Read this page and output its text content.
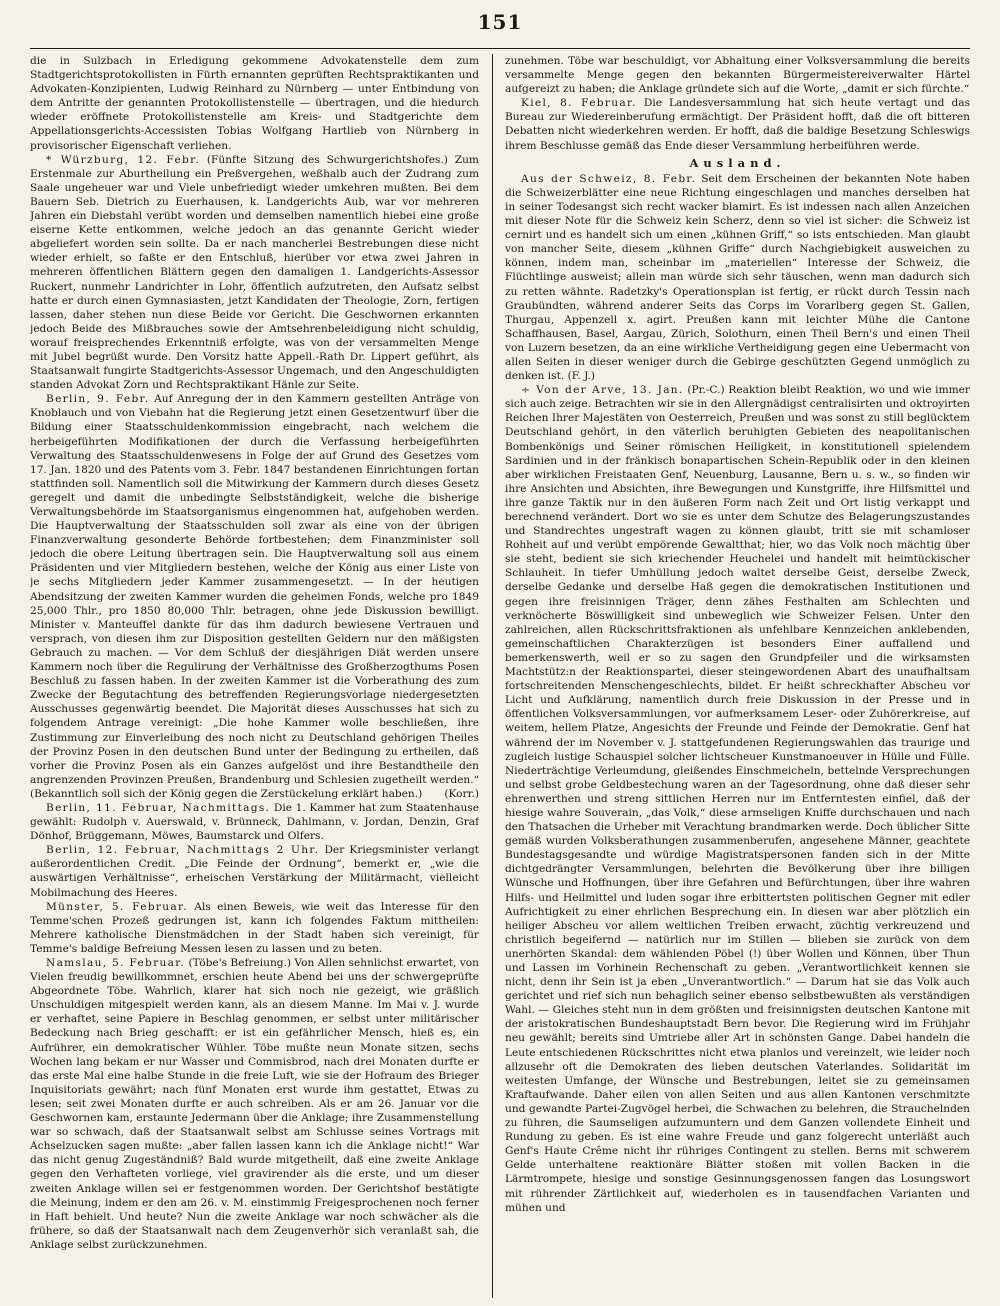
151

die in Sulzbach in Erledigung gekommene Advokatenstelle dem zum Stadtgerichtsprotokollisten in Fürth ernannten geprüften Rechtspraktikanten und Advokaten-Konzipienten, Ludwig Reinhard zu Nürnberg — unter Entbindung von dem Antritte der genannten Protokollistenstelle — übertragen, und die hiedurch wieder eröffnete Protokollistenstelle am Kreis- und Stadtgerichte dem Appellationsgerichts-Accessisten Tobias Wolfgang Hartlieb von Nürnberg in provisorischer Eigenschaft verliehen.

* Würzburg, 12. Febr. (Fünfte Sitzung des Schwurgerichtshofes.) Zum Erstenmale zur Aburtheilung ein Preßvergehen, weßhalb auch der Zudrang zum Saale ungeheuer war und Viele unbefriedigt wieder umkehren mußten. Bei dem Bauern Seb. Dietrich zu Euerhausen, k. Landgerichts Aub, war vor mehreren Jahren ein Diebstahl verübt worden und demselben namentlich hiebei eine große eiserne Kette entkommen, welche jedoch an das genannte Gericht wieder abgeliefert worden sein sollte. Da er nach mancherlei Bestrebungen diese nicht wieder erhielt, so faßte er den Entschluß, hierüber vor etwa zwei Jahren in mehreren öffentlichen Blättern gegen den damaligen 1. Landgerichts-Assessor Ruckert, nunmehr Landrichter in Lohr, öffentlich aufzutreten, den Aufsatz selbst hatte er durch einen Gymnasiasten, jetzt Kandidaten der Theologie, Zorn, fertigen lassen, daher stehen nun diese Beide vor Gericht. Die Geschwornen erkannten jedoch Beide des Mißbrauches sowie der Amtsehrenbeleidigung nicht schuldig, worauf freisprechendes Erkenntniß erfolgte, was von der versammelten Menge mit Jubel begrüßt wurde. Den Vorsitz hatte Appell.-Rath Dr. Lippert geführt, als Staatsanwalt fungirte Stadtgerichts-Assessor Ungemach, und den Angeschuldigten standen Advokat Zorn und Rechtspraktikant Hänle zur Seite.

Berlin, 9. Febr. Auf Anregung der in den Kammern gestellten Anträge von Knoblauch und von Viebahn hat die Regierung jetzt einen Gesetzentwurf über die Bildung einer Staatsschuldenkommission eingebracht, nach welchem die herbeigeführten Modifikationen der durch die Verfassung herbeigeführten Verwaltung des Staatsschuldenwesens in Folge der auf Grund des Gesetzes vom 17. Jan. 1820 und des Patents vom 3. Febr. 1847 bestandenen Einrichtungen fortan stattfinden soll. Namentlich soll die Mitwirkung der Kammern durch dieses Gesetz geregelt und damit die unbedingte Selbstständigkeit, welche die bisherige Verwaltungsbehörde im Staatsorganismus eingenommen hat, aufgehoben werden. Die Hauptverwaltung der Staatsschulden soll zwar als eine von der übrigen Finanzverwaltung gesonderte Behörde fortbestehen; dem Finanzminister soll jedoch die obere Leitung übertragen sein. Die Hauptverwaltung soll aus einem Präsidenten und vier Mitgliedern bestehen, welche der König aus einer Liste von je sechs Mitgliedern jeder Kammer zusammengesetzt. — In der heutigen Abendsitzung der zweiten Kammer wurden die geheimen Fonds, welche pro 1849 25,000 Thlr., pro 1850 80,000 Thlr. betragen, ohne jede Diskussion bewilligt. Minister v. Manteuffel dankte für das ihm dadurch bewiesene Vertrauen und versprach, von diesen ihm zur Disposition gestellten Geldern nur den mäßigsten Gebrauch zu machen. — Vor dem Schluß der diesjährigen Diät werden unsere Kammern noch über die Regulirung der Verhältnisse des Großherzogthums Posen Beschluß zu fassen haben. In der zweiten Kammer ist die Vorberathung des zum Zwecke der Begutachtung des betreffenden Regierungsvorlage niedergesetzten Ausschusses gegenwärtig beendet. Die Majorität dieses Ausschusses hat sich zu folgendem Antrage vereinigt: „Die hohe Kammer wolle beschließen, ihre Zustimmung zur Einverleibung des noch nicht zu Deutschland gehörigen Theiles der Provinz Posen in den deutschen Bund unter der Bedingung zu ertheilen, daß vorher die Provinz Posen als ein Ganzes aufgelöst und ihre Bestandtheile den angrenzenden Provinzen Preußen, Brandenburg und Schlesien zugetheilt werden.“ (Bekanntlich soll sich der König gegen die Zerstückelung erklärt haben.)	(Korr.)

Berlin, 11. Februar, Nachmittags. Die 1. Kammer hat zum Staatenhause gewählt: Rudolph v. Auerswald, v. Brünneck, Dahlmann, v. Jordan, Denzin, Graf Dönhof, Brüggemann, Möwes, Baumstarck und Olfers.

Berlin, 12. Februar, Nachmittags 2 Uhr. Der Kriegsminister verlangt außerordentlichen Credit. „Die Feinde der Ordnung“, bemerkt er, „wie die auswärtigen Verhältnisse“, erheischen Verstärkung der Militärmacht, vielleicht Mobilmachung des Heeres.

Münster, 5. Februar. Als einen Beweis, wie weit das Interesse für den Temme'schen Prozeß gedrungen ist, kann ich folgendes Faktum mittheilen: Mehrere katholische Dienstmädchen in der Stadt haben sich vereinigt, für Temme's baldige Befreiung Messen lesen zu lassen und zu beten.

Namslau, 5. Februar. (Töbe's Befreiung.) Von Allen sehnlichst erwartet, von Vielen freudig bewillkommnet, erschien heute Abend bei uns der schwergeprüfte Abgeordnete Töbe. Wahrlich, klarer hat sich noch nie gezeigt, wie gräßlich Unschuldigen mitgespielt werden kann, als an diesem Manne. Im Mai v. J. wurde er verhaftet, seine Papiere in Beschlag genommen, er selbst unter militärischer Bedeckung nach Brieg geschafft: er ist ein gefährlicher Mensch, hieß es, ein Aufrührer, ein demokratischer Wühler. Töbe mußte neun Monate sitzen, sechs Wochen lang bekam er nur Wasser und Commisbrod, nach drei Monaten durfte er das erste Mal eine halbe Stunde in die freie Luft, wie sie der Hofraum des Brieger Inquisitoriats gewährt; nach fünf Monaten erst wurde ihm gestattet, Etwas zu lesen; seit zwei Monaten durfte er auch schreiben. Als er am 26. Januar vor die Geschwornen kam, erstaunte Jedermann über die Anklage; ihre Zusammenstellung war so schwach, daß der Staatsanwalt selbst am Schlusse seines Vortrags mit Achselzucken sagen mußte: „aber fallen lassen kann ich die Anklage nicht!“ War das nicht genug Zugeständniß? Bald wurde mitgetheilt, daß eine zweite Anklage gegen den Verhafteten vorliege, viel gravirender als die erste, und um dieser zweiten Anklage willen sei er festgenommen worden. Der Gerichtshof bestätigte die Meinung, indem er den am 26. v. M. einstimmig Freigesprochenen noch ferner in Haft behielt. Und heute? Nun die zweite Anklage war noch schwächer als die frühere, so daß der Staatsanwalt nach dem Zeugenverhör sich veranlaßt sah, die Anklage selbst zurückzunehmen.

zunehmen. Töbe war beschuldigt, vor Abhaltung einer Volksversammlung die bereits versammelte Menge gegen den bekannten Bürgermeistereiverwalter Härtel aufgereizt zu haben; die Anklage gründete sich auf die Worte, „damit er sich fürchte.“

Kiel, 8. Februar. Die Landesversammlung hat sich heute vertagt und das Bureau zur Wiedereinberufung ermächtigt. Der Präsident hofft, daß die oft bitteren Debatten nicht wiederkehren werden. Er hofft, daß die baldige Besetzung Schleswigs ihrem Beschlusse gemäß das Ende dieser Versammlung herbeiführen werde.

Ausland.

Aus der Schweiz, 8. Febr. Seit dem Erscheinen der bekannten Note haben die Schweizerblätter eine neue Richtung eingeschlagen und manches derselben hat in seiner Todesangst sich recht wacker blamirt. Es ist indessen nach allen Anzeichen mit dieser Note für die Schweiz kein Scherz, denn so viel ist sicher: die Schweiz ist cernirt und es handelt sich um einen „kühnen Griff,“ so ists entschieden. Man glaubt von mancher Seite, diesem „kühnen Griffe“ durch Nachgiebigkeit ausweichen zu können, indem man, scheinbar im „materiellen“ Interesse der Schweiz, die Flüchtlinge ausweist; allein man würde sich sehr täuschen, wenn man dadurch sich zu retten wähnte. Radetzky's Operationsplan ist fertig, er rückt durch Tessin nach Graubündten, während anderer Seits das Corps im Vorarlberg gegen St. Gallen, Thurgau, Appenzell x. agirt. Preußen kann mit leichter Mühe die Cantone Schaffhausen, Basel, Aargau, Zürich, Solothurn, einen Theil Bern's und einen Theil von Luzern besetzen, da an eine wirkliche Vertheidigung gegen eine Uebermacht von allen Seiten in dieser weniger durch die Gebirge geschützten Gegend unmöglich zu denken ist. (F. J.)

÷ Von der Arve, 13. Jan. (Pr.-C.) Reaktion bleibt Reaktion, wo und wie immer sich auch zeige. Betrachten wir sie in den Allergnädigst centralisirten und oktroyirten Reichen Ihrer Majestäten von Oesterreich, Preußen und was sonst zu still beglücktem Deutschland gehört, in den väterlich beruhigten Gebieten des neapolitanischen Bombenkönigs und Seiner römischen Heiligkeit, in konstitutionell spielendem Sardinien und in der fränkisch bonapartischen Schein-Republik oder in den kleinen aber wirklichen Freistaaten Genf, Neuenburg, Lausanne, Bern u. s. w., so finden wir ihre Ansichten und Absichten, ihre Bewegungen und Kunstgriffe, ihre Hilfsmittel und ihre ganze Taktik nur in den äußeren Form nach Zeit und Ort listig verkappt und berechnend verändert. Dort wo sie es unter dem Schutze des Belagerungszustandes und Standrechtes ungestraft wagen zu können glaubt, tritt sie mit schamloser Rohheit auf und verübt empörende Gewaltthat; hier, wo das Volk noch mächtig über sie steht, bedient sie sich kriechender Heuchelei und handelt mit heimtückischer Schlauheit. In tiefer Umhüllung jedoch waltet derselbe Geist, derselbe Zweck, derselbe Gedanke und derselbe Haß gegen die demokratischen Institutionen und gegen ihre freisinnigen Träger, denn zähes Festhalten am Schlechten und verknöcherte Böswilligkeit sind unbeweglich wie Schweizer Felsen. Unter den zahlreichen, allen Rückschrittsfraktionen als unfehlbare Kennzeichen anklebenden, gemeinschaftlichen Charakterzügen ist besonders Einer auffallend und bemerkenswerth, weil er so zu sagen den Grundpfeiler und die wirksamsten Machtstütz:n der Reaktionspartei, dieser steingewordenen Abart des unaufhaltsam fortschreitenden Menschengeschlechts, bildet. Er heißt schreckhafter Abscheu vor Licht und Aufklärung, namentlich durch freie Diskussion in der Presse und in öffentlichen Volksversammlungen, vor aufmerksamem Leser- oder Zuhörerkreise, auf weitem, hellem Platze, Angesichts der Freunde und Feinde der Demokratie. Genf hat während der im November v. J. stattgefundenen Regierungswahlen das traurige und zugleich lustige Schauspiel solcher lichtscheuer Kunstmanoeuver in Hülle und Fülle. Niederträchtige Verleumdung, gleißendes Einschmeicheln, bettelnde Versprechungen und selbst grobe Geldbestechung waren an der Tagesordnung, ohne daß dieser sehr ehrenwerthen und streng sittlichen Herren nur im Entferntesten einfiel, daß der hiesige wahre Souverain, „das Volk,“ diese armseligen Kniffe durchschauen und nach den Thatsachen die Urheber mit Verachtung brandmarken werde. Doch üblicher Sitte gemäß wurden Volksberathungen zusammenberufen, angesehene Männer, geachtete Bundestagsgesandte und würdige Magistratspersonen fanden sich in der Mitte dichtgedrängter Versammlungen, belehrten die Bevölkerung über ihre billigen Wünsche und Hoffnungen, über ihre Gefahren und Befürchtungen, über ihre wahren Hilfs- und Heilmittel und luden sogar ihre erbittertsten politischen Gegner mit edler Aufrichtigkeit zu einer ehrlichen Besprechung ein. In diesen war aber plötzlich ein heiliger Abscheu vor allem weltlichen Treiben erwacht, züchtig verkreuzend und christlich begeifernd — natürlich nur im Stillen — blieben sie zurück von dem unerhörten Skandal: dem wählenden Pöbel (!) über Wollen und Können, über Thun und Lassen im Vorhinein Rechenschaft zu geben. „Verantwortlichkeit kennen sie nicht, denn ihr Sein ist ja eben „Unverantwortlich.“ — Darum hat sie das Volk auch gerichtet und rief sich nun behaglich seiner ebenso selbstbewußten als verständigen Wahl. — Gleiches steht nun in dem größten und freisinnigsten deutschen Kantone mit der aristokratischen Bundeshauptstadt Bern bevor. Die Regierung wird im Frühjahr neu gewählt; bereits sind Umtriebe aller Art in schönsten Gange. Dabei handeln die Leute entschiedenen Rückschrittes nicht etwa planlos und vereinzelt, wie leider noch allzusehr oft die Demokraten des lieben deutschen Vaterlandes. Solidarität im weitesten Umfange, der Wünsche und Bestrebungen, leitet sie zu gemeinsamen Kraftaufwande. Daher eilen von allen Seiten und aus allen Kantonen verschmitzte und gewandte Partei-Zugvögel herbei, die Schwachen zu belehren, die Strauchelnden zu führen, die Saumseligen aufzumuntern und dem Ganzen vollendete Einheit und Rundung zu geben. Es ist eine wahre Freude und ganz folgerecht unterläßt auch Genf's Haute Crême nicht ihr rühriges Contingent zu stellen. Berns mit schwerem Gelde unterhaltene reaktionäre Blätter stoßen mit vollen Backen in die Lärmtrompete, hiesige und sonstige Gesinnungsgenossen fangen das Losungswort mit rührender Zärtlichkeit auf, wiederholen es in tausendfachen Varianten und mühen und
